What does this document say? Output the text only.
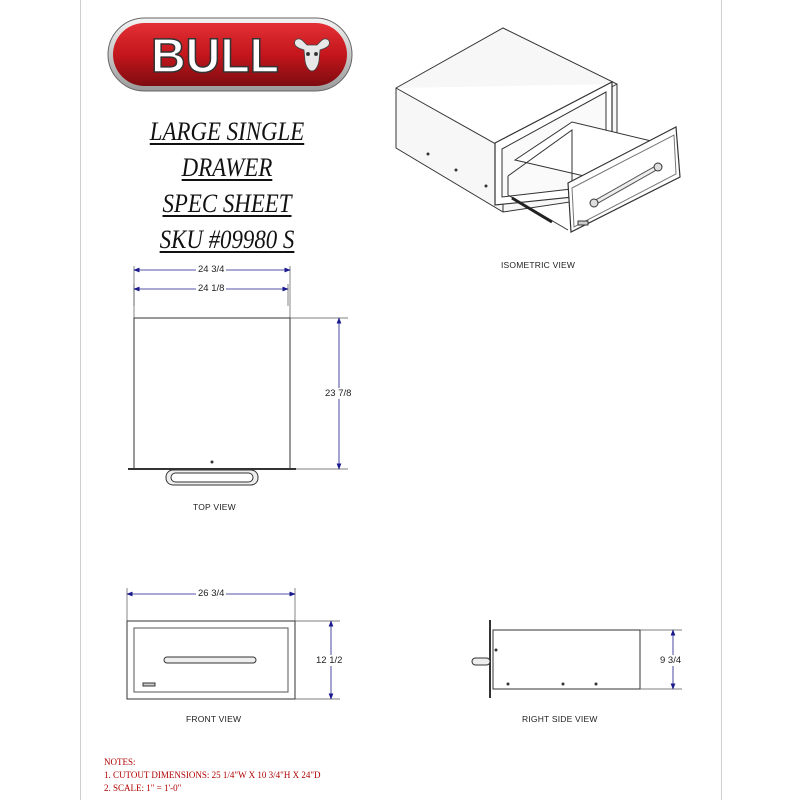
BULL
LARGE SINGLE DRAWER
SPEC SHEET
SKU #09980 S
24 3/4
24 1/8
23 7/8
26 3/4
12 1/2	9 3/4
ISOMETRIC VIEW
TOP VIEW
FRONT VIEW	RIGHT SIDE VIEW
NOTES:
1. CUTOUT DIMENSIONS: 25 1/4"W X 10 3/4"H X 24"D
2. SCALE: 1" = 1'-0"
